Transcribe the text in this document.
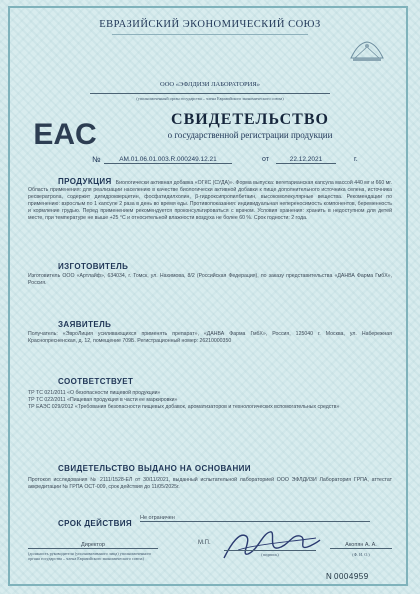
ЕВРАЗИЙСКИЙ ЭКОНОМИЧЕСКИЙ СОЮЗ
ООО «ЭФЛДИЗИ ЛАБОРАТОРИЯ»
(уполномоченный орган государства – члена Евразийского экономического союза)
EAC	СВИДЕТЕЛЬСТВО
о государственной регистрации продукции
№	AM.01.06.01.003.R.000249.12.21	от	22.12.2021	г.
ПРОДУКЦИЯ Биологически активная добавка «ОГКС (СУДА)». Форма выпуска: вегетарианская капсула массой 440 мг и 660 мг. Область применения: для реализации населению в качестве биологически активной добавки к пище дополнительного источника селена, источника ресвератрола, содержит дигидрокверцетин, фосфатидилхолин, β-гидроксипропилбетаин, высокомолекулярные вещества. Рекомендации по применению: взрослым по 1 капсуле 2 раза в день во время еды. Противопоказания: индивидуальная непереносимость компонентов, беременность и кормление грудью. Перед применением рекомендуется проконсультироваться с врачом. Условия хранения: хранить в недоступном для детей месте, при температуре не выше +25 °С и относительной влажности воздуха не более 60 %. Срок годности: 2 года.
ИЗГОТОВИТЕЛЬ
Изготовитель ООО «Артлайф», 634034, г. Томск, ул. Нахимова, 8/2 (Российская Федерация), по заказу представительства «ДАНВА Фарма ГмбХ», Россия.
ЗАЯВИТЕЛЬ
Получатель: «ЭвроЛиция усиливающихся применять препарат», «ДАНВА Фарма ГмбХ», Россия, 125040 г. Москва, ул. Набережная Краснопресненская, д. 12, помещение 709Б. Регистрационный номер: 26210000350
СООТВЕТСТВУЕТ
ТР ТС 021/2011 «О безопасности пищевой продукции»
ТР ТС 022/2011 «Пищевая продукция в части ее маркировки»
ТР ЕАЭС 029/2012 «Требования безопасности пищевых добавок, ароматизаторов и технологических вспомогательных средств»
СВИДЕТЕЛЬСТВО ВЫДАНО НА ОСНОВАНИИ
Протокол исследования № 2111/1528-ЕЛ от 30/11/2021, выданный испытательной лабораторией ООО ЭФЛДИЗИ Лаборатория ГРПА, аттестат аккредитации № ГРПА ОСТ-009, срок действия до 11/05/2025г.
СРОК ДЕЙСТВИЯ
Не ограничен
Директор
(должность руководителя (уполномоченного лица) уполномоченного органа государства – члена Евразийского экономического союза)
М.П.
(подпись)
Акопян А. А.
(Ф. И. О.)
N 0004959
